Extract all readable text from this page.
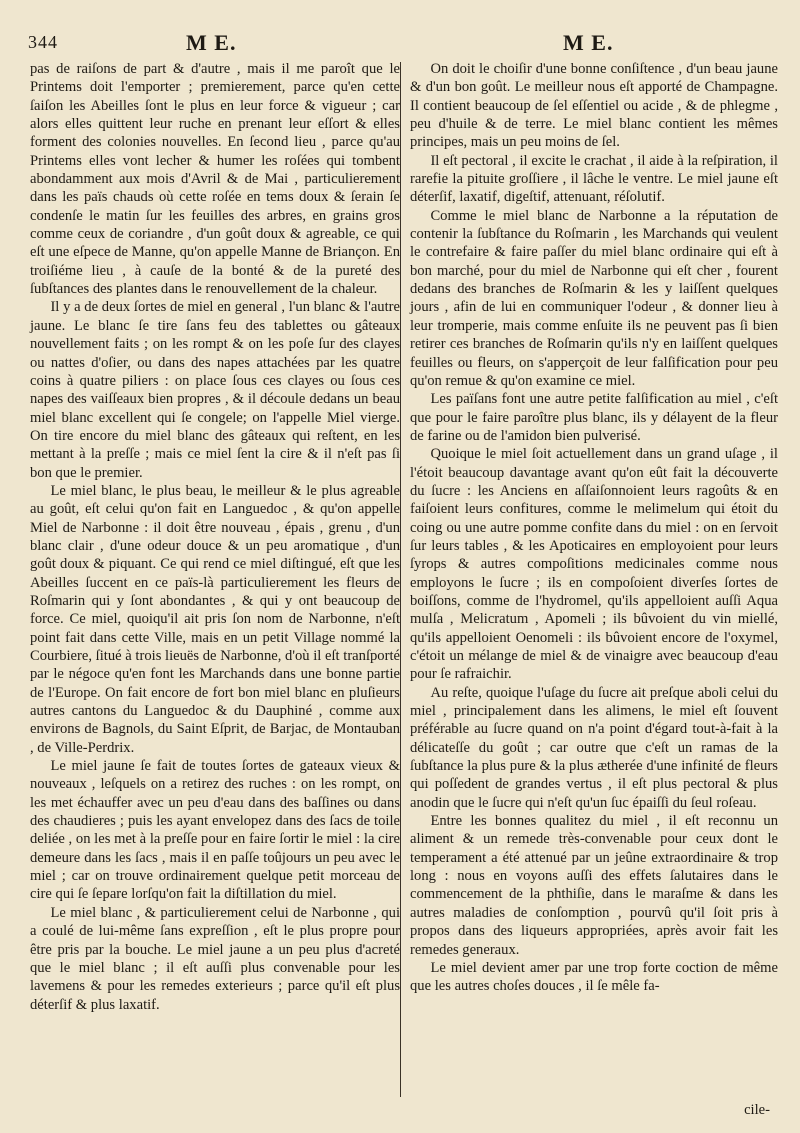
344	M E.	M E.

pas de raiſons de part & d'autre , mais il me paroît que le Printems doit l'emporter ; premierement, parce qu'en cette ſaiſon les Abeilles ſont le plus en leur force & vigueur ; car alors elles quittent leur ruche en prenant leur eſſort & elles forment des colonies nouvelles. En ſecond lieu , parce qu'au Printems elles vont lecher & humer les roſées qui tombent abondamment aux mois d'Avril & de Mai , particulierement dans les païs chauds où cette roſée en tems doux & ſerain ſe condenſe le matin ſur les feuilles des arbres, en grains gros comme ceux de coriandre , d'un goût doux & agreable, ce qui eſt une eſpece de Manne, qu'on appelle Manne de Briançon. En troiſiéme lieu , à cauſe de la bonté & de la pureté des ſubſtances des plantes dans le renouvellement de la chaleur.

Il y a de deux ſortes de miel en general , l'un blanc & l'autre jaune. Le blanc ſe tire ſans feu des tablettes ou gâteaux nouvellement faits ; on les rompt & on les poſe ſur des clayes ou nattes d'oſier, ou dans des napes attachées par les quatre coins à quatre piliers : on place ſous ces clayes ou ſous ces napes des vaiſſeaux bien propres , & il découle dedans un beau miel blanc excellent qui ſe congele; on l'appelle Miel vierge. On tire encore du miel blanc des gâteaux qui reſtent, en les mettant à la preſſe ; mais ce miel ſent la cire & il n'eſt pas ſi bon que le premier.

Le miel blanc, le plus beau, le meilleur & le plus agreable au goût, eſt celui qu'on fait en Languedoc , & qu'on appelle Miel de Narbonne : il doit être nouveau , épais , grenu , d'un blanc clair , d'une odeur douce & un peu aromatique , d'un goût doux & piquant. Ce qui rend ce miel diſtingué, eſt que les Abeilles ſuccent en ce païs-là particulierement les fleurs de Roſmarin qui y ſont abondantes , & qui y ont beaucoup de force. Ce miel, quoiqu'il ait pris ſon nom de Narbonne, n'eſt point fait dans cette Ville, mais en un petit Village nommé la Courbiere, ſitué à trois lieuës de Narbonne, d'où il eſt tranſporté par le négoce qu'en font les Marchands dans une bonne partie de l'Europe. On fait encore de fort bon miel blanc en pluſieurs autres cantons du Languedoc & du Dauphiné , comme aux environs de Bagnols, du Saint Eſprit, de Barjac, de Montauban , de Ville-Perdrix.

Le miel jaune ſe fait de toutes ſortes de gateaux vieux & nouveaux , leſquels on a retirez des ruches : on les rompt, on les met échauffer avec un peu d'eau dans des baſſines ou dans des chaudieres ; puis les ayant envelopez dans des ſacs de toile deliée , on les met à la preſſe pour en faire ſortir le miel : la cire demeure dans les ſacs , mais il en paſſe toûjours un peu avec le miel ; car on trouve ordinairement quelque petit morceau de cire qui ſe ſepare lorſqu'on fait la diſtillation du miel.

Le miel blanc , & particulierement celui de Narbonne , qui a coulé de lui-même ſans expreſſion , eſt le plus propre pour être pris par la bouche. Le miel jaune a un peu plus d'acreté que le miel blanc ; il eſt auſſi plus convenable pour les lavemens & pour les remedes exterieurs ; parce qu'il eſt plus déterſif & plus laxatif.

On doit le choiſir d'une bonne conſiſtence , d'un beau jaune & d'un bon goût. Le meilleur nous eſt apporté de Champagne. Il contient beaucoup de ſel eſſentiel ou acide , & de phlegme , peu d'huile & de terre. Le miel blanc contient les mêmes principes, mais un peu moins de ſel.

Il eſt pectoral , il excite le crachat , il aide à la reſpiration, il rarefie la pituite groſſiere , il lâche le ventre. Le miel jaune eſt déterſif, laxatif, digeſtif, attenuant, réſolutif.

Comme le miel blanc de Narbonne a la réputation de contenir la ſubſtance du Roſmarin , les Marchands qui veulent le contrefaire & faire paſſer du miel blanc ordinaire qui eſt à bon marché, pour du miel de Narbonne qui eſt cher , fourent dedans des branches de Roſmarin & les y laiſſent quelques jours , afin de lui en communiquer l'odeur , & donner lieu à leur tromperie, mais comme enſuite ils ne peuvent pas ſi bien retirer ces branches de Roſmarin qu'ils n'y en laiſſent quelques feuilles ou fleurs, on s'apperçoit de leur falſification pour peu qu'on remue & qu'on examine ce miel.

Les païſans font une autre petite falſification au miel , c'eſt que pour le faire paroître plus blanc, ils y délayent de la fleur de farine ou de l'amidon bien pulverisé.

Quoique le miel ſoit actuellement dans un grand uſage , il l'étoit beaucoup davantage avant qu'on eût fait la découverte du ſucre : les Anciens en aſſaiſonnoient leurs ragoûts & en faiſoient leurs confitures, comme le melimelum qui étoit du coing ou une autre pomme confite dans du miel : on en ſervoit ſur leurs tables , & les Apoticaires en employoient pour leurs ſyrops & autres compoſitions medicinales comme nous employons le ſucre ; ils en compoſoient diverſes ſortes de boiſſons, comme de l'hydromel, qu'ils appelloient auſſi Aqua mulſa , Melicratum , Apomeli ; ils bûvoient du vin miellé, qu'ils appelloient Oenomeli : ils bûvoient encore de l'oxymel, c'étoit un mélange de miel & de vinaigre avec beaucoup d'eau pour ſe rafraichir.

Au reſte, quoique l'uſage du ſucre ait preſque aboli celui du miel , principalement dans les alimens, le miel eſt ſouvent préférable au ſucre quand on n'a point d'égard tout-à-fait à la délicateſſe du goût ; car outre que c'eſt un ramas de la ſubſtance la plus pure & la plus ætherée d'une infinité de fleurs qui poſſedent de grandes vertus , il eſt plus pectoral & plus anodin que le ſucre qui n'eſt qu'un ſuc épaiſſi du ſeul roſeau.

Entre les bonnes qualitez du miel , il eſt reconnu un aliment & un remede très-convenable pour ceux dont le temperament a été attenué par un jeûne extraordinaire & trop long : nous en voyons auſſi des effets ſalutaires dans le commencement de la phthiſie, dans le maraſme & dans les autres maladies de conſomption , pourvû qu'il ſoit pris à propos dans des liqueurs appropriées, après avoir fait les remedes generaux.

Le miel devient amer par une trop forte coction de même que les autres choſes douces , il ſe mêle fa-

cile-
